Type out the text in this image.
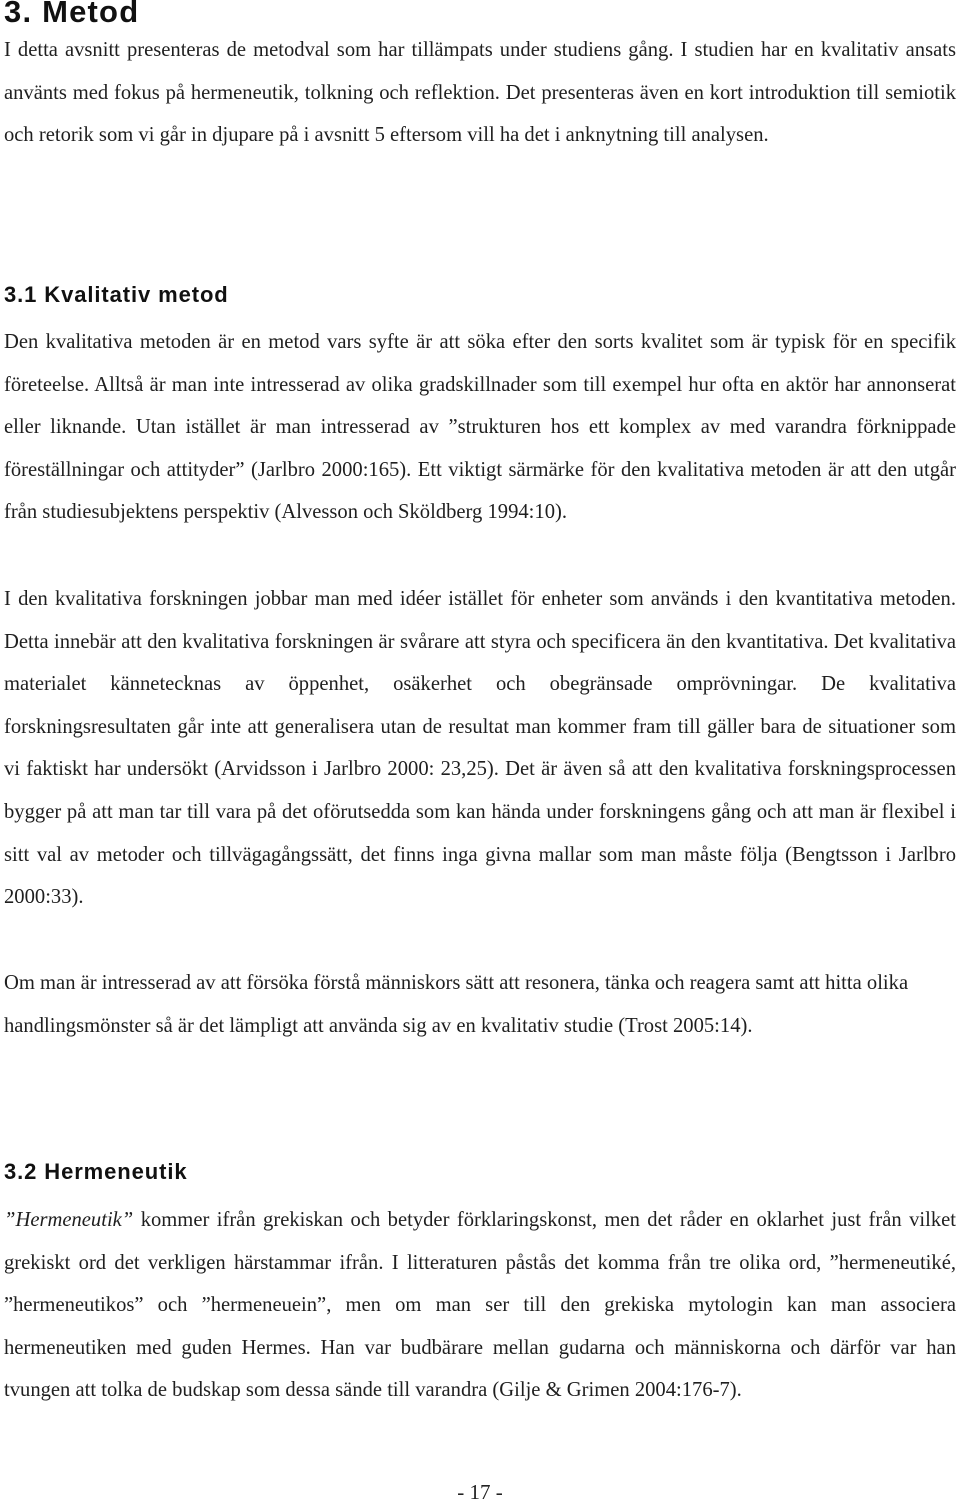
3. Metod

I detta avsnitt presenteras de metodval som har tillämpats under studiens gång. I studien har en kvalitativ ansats använts med fokus på hermeneutik, tolkning och reflektion. Det presenteras även en kort introduktion till semiotik och retorik som vi går in djupare på i avsnitt 5 eftersom vill ha det i anknytning till analysen.

3.1 Kvalitativ metod

Den kvalitativa metoden är en metod vars syfte är att söka efter den sorts kvalitet som är typisk för en specifik företeelse. Alltså är man inte intresserad av olika gradskillnader som till exempel hur ofta en aktör har annonserat eller liknande. Utan istället är man intresserad av ”strukturen hos ett komplex av med varandra förknippade föreställningar och attityder” (Jarlbro 2000:165). Ett viktigt särmärke för den kvalitativa metoden är att den utgår från studiesubjektens perspektiv (Alvesson och Sköldberg 1994:10).

I den kvalitativa forskningen jobbar man med idéer istället för enheter som används i den kvantitativa metoden. Detta innebär att den kvalitativa forskningen är svårare att styra och specificera än den kvantitativa. Det kvalitativa materialet kännetecknas av öppenhet, osäkerhet och obegränsade omprövningar. De kvalitativa forskningsresultaten går inte att generalisera utan de resultat man kommer fram till gäller bara de situationer som vi faktiskt har undersökt (Arvidsson i Jarlbro 2000: 23,25). Det är även så att den kvalitativa forskningsprocessen bygger på att man tar till vara på det oförutsedda som kan hända under forskningens gång och att man är flexibel i sitt val av metoder och tillvägagångssätt, det finns inga givna mallar som man måste följa (Bengtsson i Jarlbro 2000:33).

Om man är intresserad av att försöka förstå människors sätt att resonera, tänka och reagera samt att hitta olika handlingsmönster så är det lämpligt att använda sig av en kvalitativ studie (Trost 2005:14).

3.2 Hermeneutik

”Hermeneutik” kommer ifrån grekiskan och betyder förklaringskonst, men det råder en oklarhet just från vilket grekiskt ord det verkligen härstammar ifrån. I litteraturen påstås det komma från tre olika ord, ”hermeneutiké, ”hermeneutikos” och ”hermeneuein”, men om man ser till den grekiska mytologin kan man associera hermeneutiken med guden Hermes. Han var budbärare mellan gudarna och människorna och därför var han tvungen att tolka de budskap som dessa sände till varandra (Gilje & Grimen 2004:176-7).

- 17 -
